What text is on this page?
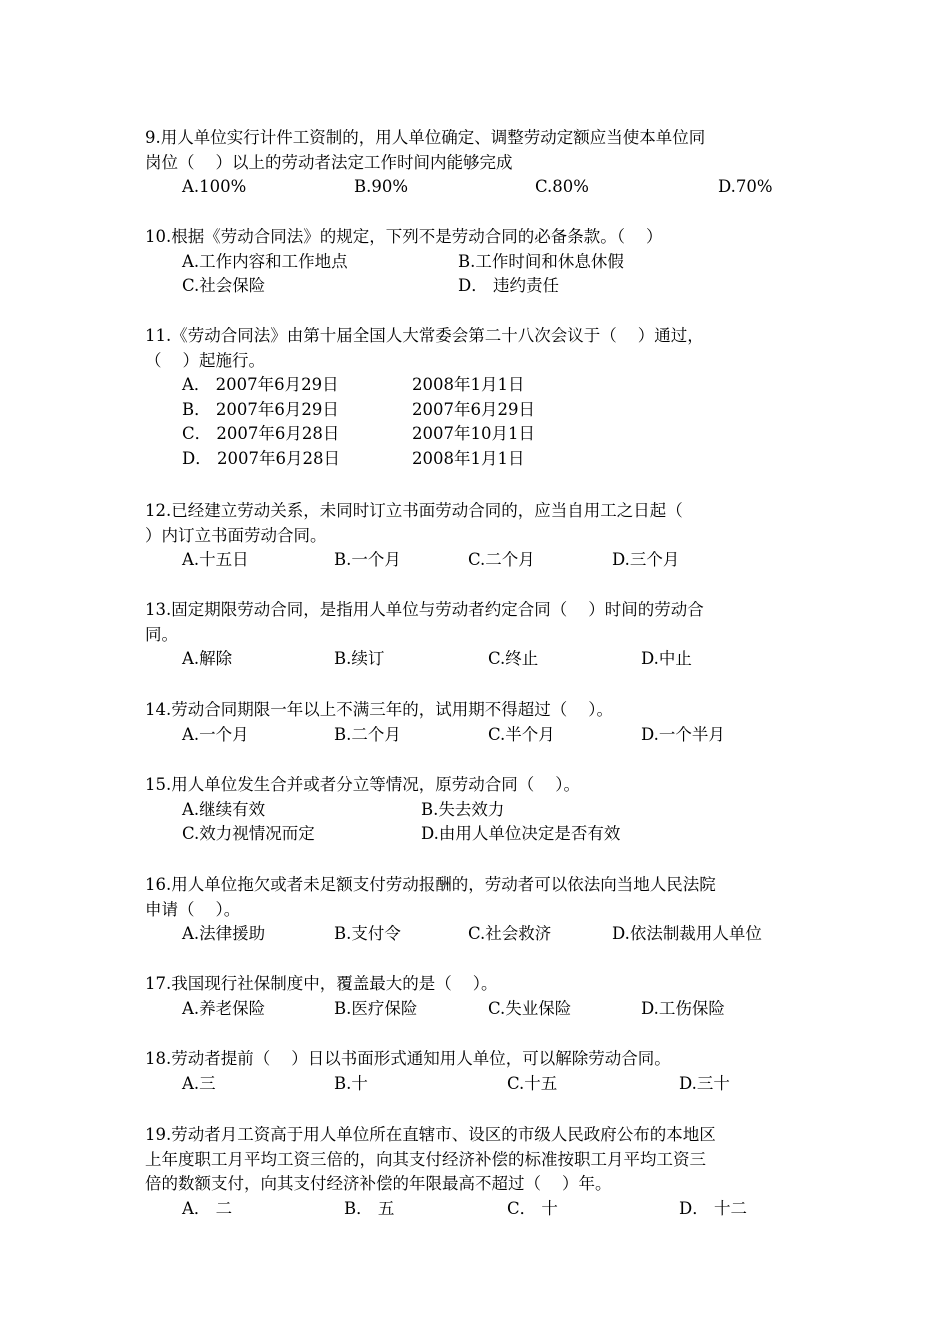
9.用人单位实行计件工资制的，用人单位确定、调整劳动定额应当使本单位同
岗位（    ）以上的劳动者法定工作时间内能够完成
A.100%	B.90%	C.80%	D.70%
10.根据《劳动合同法》的规定，下列不是劳动合同的必备条款。（    ）
A.工作内容和工作地点	B.工作时间和休息休假
C.社会保险	D． 违约责任
11.《劳动合同法》由第十届全国人大常委会第二十八次会议于（    ）通过，
（    ）起施行。
A． 2007年6月29日	2008年1月1日
B． 2007年6月29日	2007年6月29日
C． 2007年6月28日	2007年10月1日
D． 2007年6月28日	2008年1月1日
12.已经建立劳动关系，未同时订立书面劳动合同的，应当自用工之日起（
）内订立书面劳动合同。
A.十五日	B.一个月	C.二个月	D.三个月
13.固定期限劳动合同，是指用人单位与劳动者约定合同（    ）时间的劳动合
同。
A.解除	B.续订	C.终止	D.中止
14.劳动合同期限一年以上不满三年的，试用期不得超过（    ）。
A.一个月	B.二个月	C.半个月	D.一个半月
15.用人单位发生合并或者分立等情况，原劳动合同（    ）。
A.继续有效	B.失去效力
C.效力视情况而定	D.由用人单位决定是否有效
16.用人单位拖欠或者未足额支付劳动报酬的，劳动者可以依法向当地人民法院
申请（    ）。
A.法律援助	B.支付令	C.社会救济	D.依法制裁用人单位
17.我国现行社保制度中，覆盖最大的是（    ）。
A.养老保险	B.医疗保险	C.失业保险	D.工伤保险
18.劳动者提前（    ）日以书面形式通知用人单位，可以解除劳动合同。
A.三	B.十	C.十五	D.三十
19.劳动者月工资高于用人单位所在直辖市、设区的市级人民政府公布的本地区
上年度职工月平均工资三倍的，向其支付经济补偿的标准按职工月平均工资三
倍的数额支付，向其支付经济补偿的年限最高不超过（    ）年。
A． 二	B． 五	C． 十	D． 十二
